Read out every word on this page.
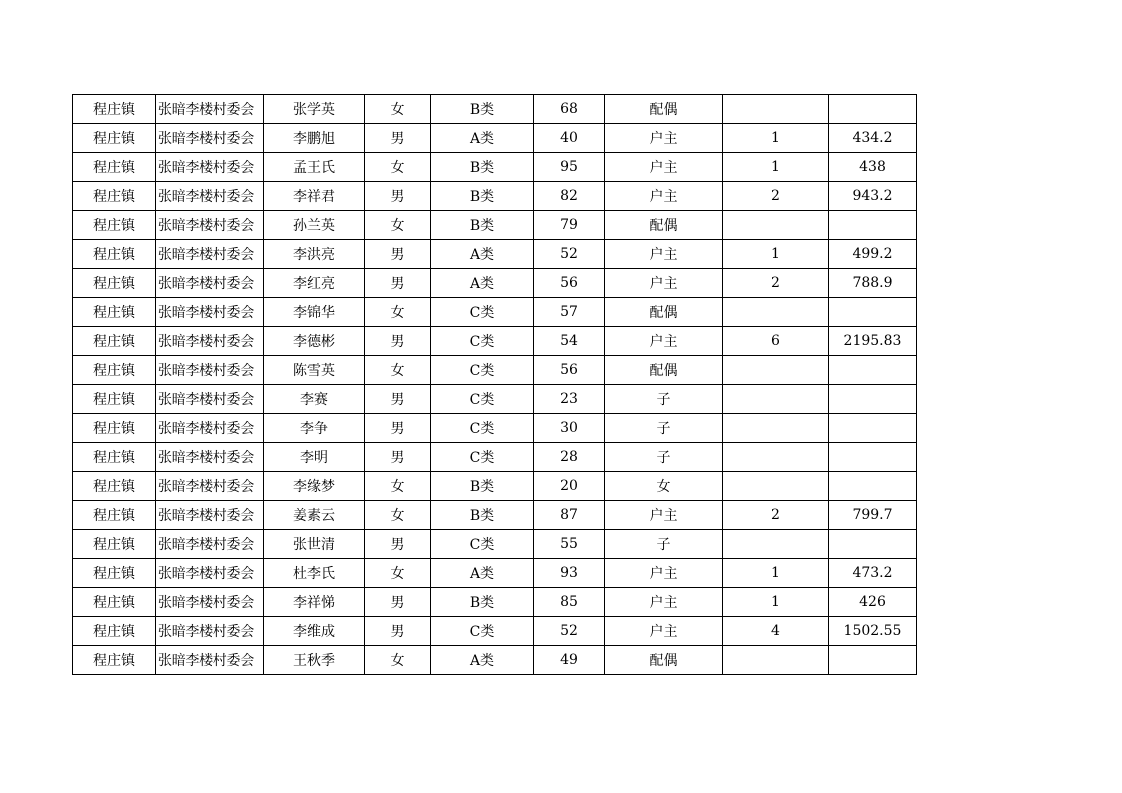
程庄镇	张暗李楼村委会	张学英	女	B类	68	配偶		
程庄镇	张暗李楼村委会	李鹏旭	男	A类	40	户主	1	434.2
程庄镇	张暗李楼村委会	孟王氏	女	B类	95	户主	1	438
程庄镇	张暗李楼村委会	李祥君	男	B类	82	户主	2	943.2
程庄镇	张暗李楼村委会	孙兰英	女	B类	79	配偶		
程庄镇	张暗李楼村委会	李洪亮	男	A类	52	户主	1	499.2
程庄镇	张暗李楼村委会	李红亮	男	A类	56	户主	2	788.9
程庄镇	张暗李楼村委会	李锦华	女	C类	57	配偶		
程庄镇	张暗李楼村委会	李德彬	男	C类	54	户主	6	2195.83
程庄镇	张暗李楼村委会	陈雪英	女	C类	56	配偶		
程庄镇	张暗李楼村委会	李赛	男	C类	23	子		
程庄镇	张暗李楼村委会	李争	男	C类	30	子		
程庄镇	张暗李楼村委会	李明	男	C类	28	子		
程庄镇	张暗李楼村委会	李缘梦	女	B类	20	女		
程庄镇	张暗李楼村委会	姜素云	女	B类	87	户主	2	799.7
程庄镇	张暗李楼村委会	张世清	男	C类	55	子		
程庄镇	张暗李楼村委会	杜李氏	女	A类	93	户主	1	473.2
程庄镇	张暗李楼村委会	李祥悌	男	B类	85	户主	1	426
程庄镇	张暗李楼村委会	李维成	男	C类	52	户主	4	1502.55
程庄镇	张暗李楼村委会	王秋季	女	A类	49	配偶		
